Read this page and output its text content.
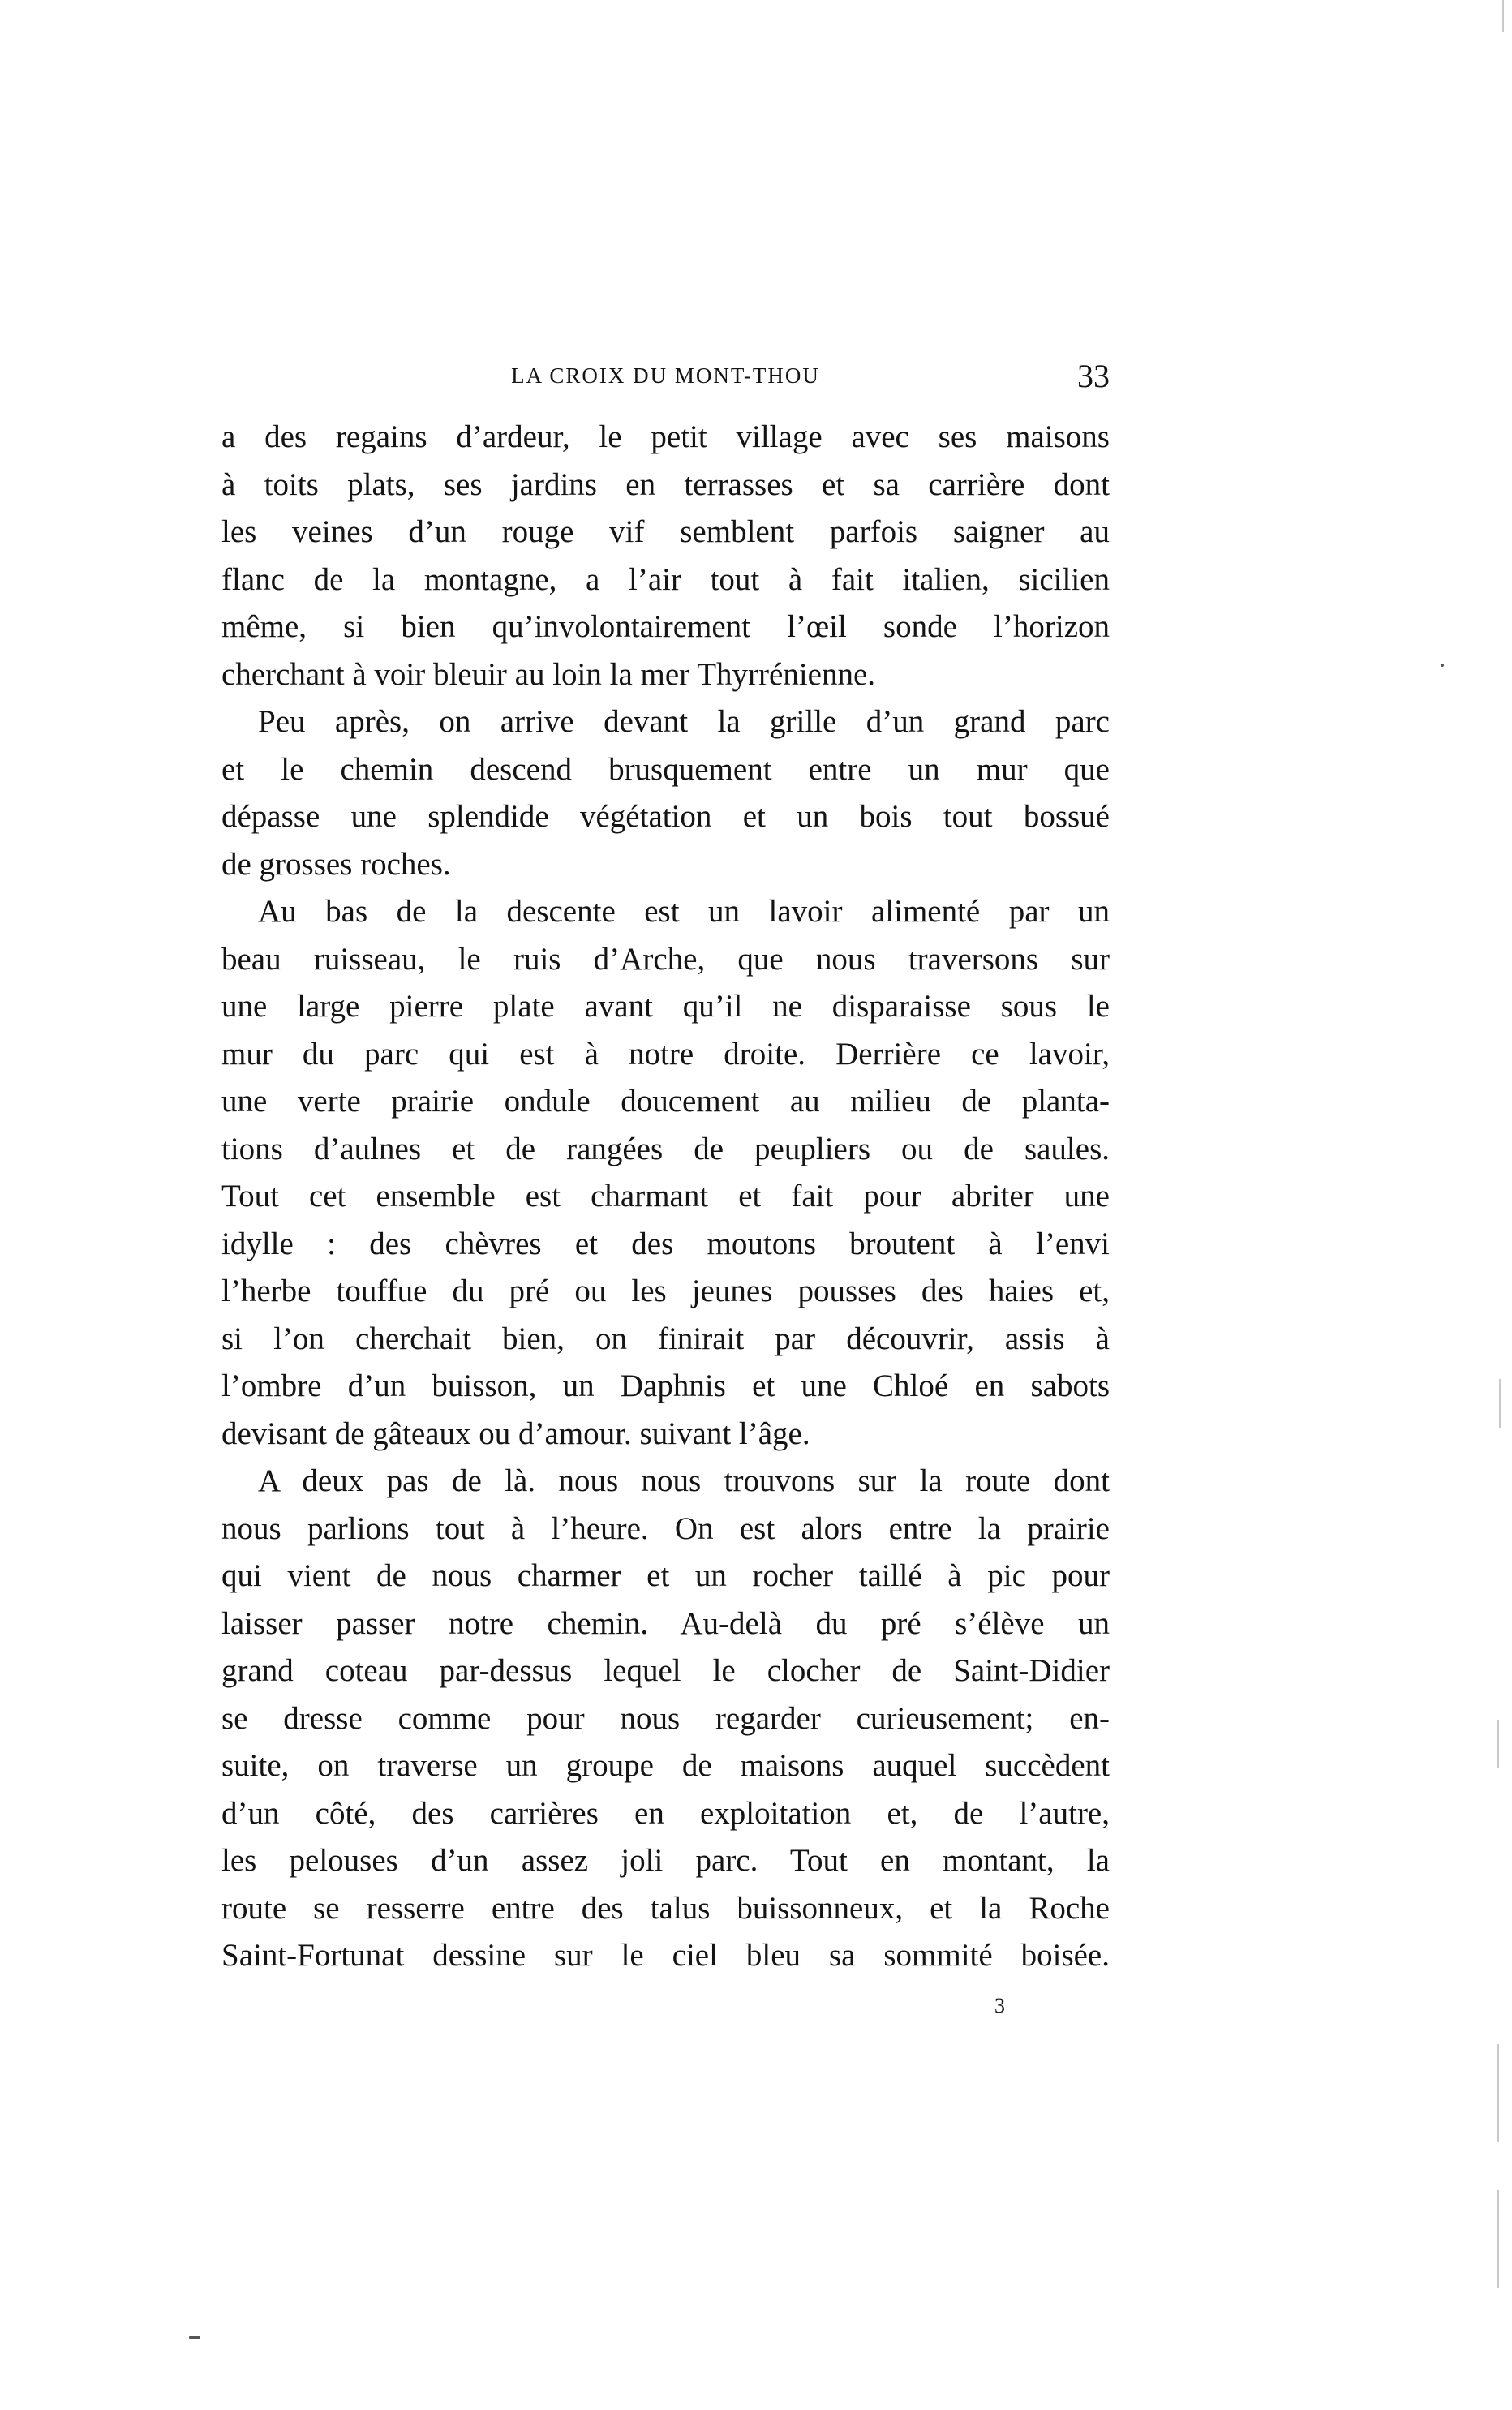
LA CROIX DU MONT-THOU	33
a des regains d’ardeur, le petit village avec ses maisons
à toits plats, ses jardins en terrasses et sa carrière dont
les veines d’un rouge vif semblent parfois saigner au
flanc de la montagne, a l’air tout à fait italien, sicilien
même, si bien qu’involontairement l’œil sonde l’horizon
cherchant à voir bleuir au loin la mer Thyrrénienne.
Peu après, on arrive devant la grille d’un grand parc
et le chemin descend brusquement entre un mur que
dépasse une splendide végétation et un bois tout bossué
de grosses roches.
Au bas de la descente est un lavoir alimenté par un
beau ruisseau, le ruis d’Arche, que nous traversons sur
une large pierre plate avant qu’il ne disparaisse sous le
mur du parc qui est à notre droite. Derrière ce lavoir,
une verte prairie ondule doucement au milieu de planta-
tions d’aulnes et de rangées de peupliers ou de saules.
Tout cet ensemble est charmant et fait pour abriter une
idylle : des chèvres et des moutons broutent à l’envi
l’herbe touffue du pré ou les jeunes pousses des haies et,
si l’on cherchait bien, on finirait par découvrir, assis à
l’ombre d’un buisson, un Daphnis et une Chloé en sabots
devisant de gâteaux ou d’amour. suivant l’âge.
A deux pas de là. nous nous trouvons sur la route dont
nous parlions tout à l’heure. On est alors entre la prairie
qui vient de nous charmer et un rocher taillé à pic pour
laisser passer notre chemin. Au-delà du pré s’élève un
grand coteau par-dessus lequel le clocher de Saint-Didier
se dresse comme pour nous regarder curieusement; en-
suite, on traverse un groupe de maisons auquel succèdent
d’un côté, des carrières en exploitation et, de l’autre,
les pelouses d’un assez joli parc. Tout en montant, la
route se resserre entre des talus buissonneux, et la Roche
Saint-Fortunat dessine sur le ciel bleu sa sommité boisée.
3
